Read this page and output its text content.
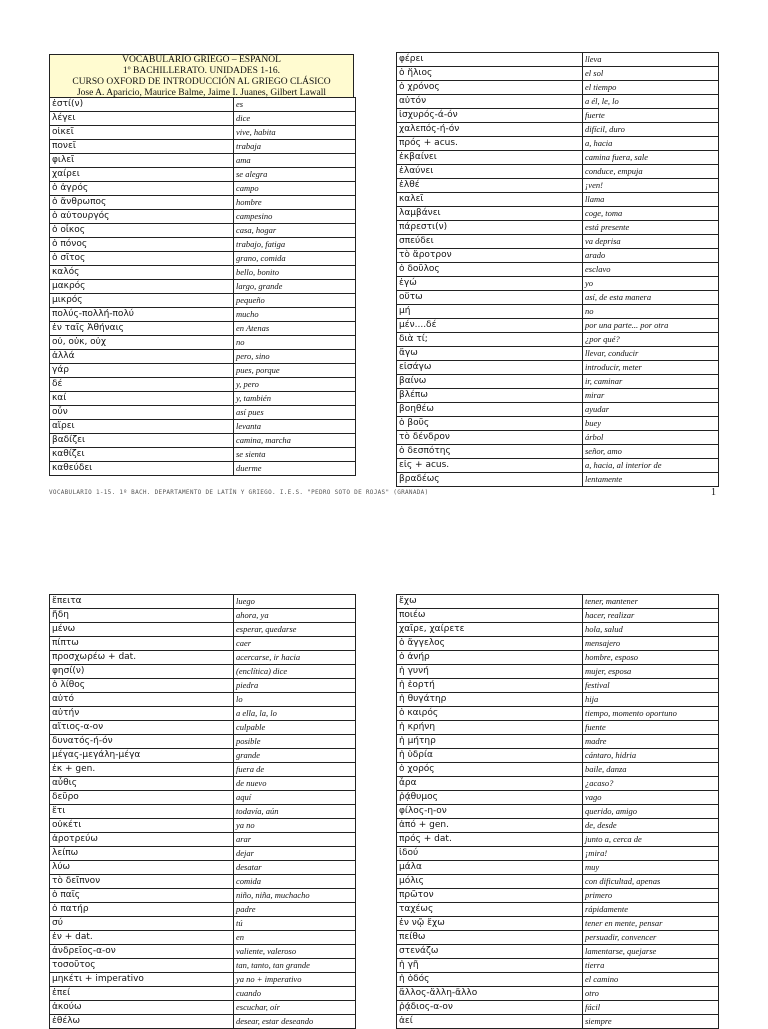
VOCABULARIO GRIEGO – ESPAÑOL
1º BACHILLERATO. UNIDADES 1-16.
CURSO OXFORD DE INTRODUCCIÓN AL GRIEGO CLÁSICO
Jose A. Aparicio, Maurice Balme, Jaime I. Juanes, Gilbert Lawall
ἐστί(ν)	es
λέγει	dice
οἰκεῖ	vive, habita
πονεῖ	trabaja
φιλεῖ	ama
χαίρει	se alegra
ὁ ἀγρός	campo
ὁ ἄνθρωπος	hombre
ὁ αὐτουργός	campesino
ὁ οἶκος	casa, hogar
ὁ πόνος	trabajo, fatiga
ὁ σῖτος	grano, comida
καλός	bello, bonito
μακρός	largo, grande
μικρός	pequeño
πολύς-πολλή-πολύ	mucho
ἐν ταῖς Ἀθήναις	en Atenas
οὐ, οὐκ, οὐχ	no
ἀλλά	pero, sino
γάρ	pues, porque
δέ	y, pero
καί	y, también
οὖν	así pues
αἴρει	levanta
βαδίζει	camina, marcha
καθίζει	se sienta
καθεύδει	duerme
φέρει	lleva
ὁ ἥλιος	el sol
ὁ χρόνος	el tiempo
αὐτόν	a él, le, lo
ἰσχυρός-ά-όν	fuerte
χαλεπός-ή-όν	difícil, duro
πρός + acus.	a, hacia
ἐκβαίνει	camina fuera, sale
ἐλαύνει	conduce, empuja
ἐλθέ	¡ven!
καλεῖ	llama
λαμβάνει	coge, toma
πάρεστι(ν)	está presente
σπεύδει	va deprisa
τὸ ἄροτρον	arado
ὁ δοῦλος	esclavo
ἐγώ	yo
οὕτω	así, de esta manera
μή	no
μέν....δέ	por una parte... por otra
διὰ τί;	¿por qué?
ἄγω	llevar, conducir
εἰσάγω	introducir, meter
βαίνω	ir, caminar
βλέπω	mirar
βοηθέω	ayudar
ὁ βοῦς	buey
τὸ δένδρον	árbol
ὁ δεσπότης	señor, amo
εἰς + acus.	a, hacia, al interior de
βραδέως	lentamente
VOCABULARIO 1-15. 1º BACH. DEPARTAMENTO DE LATÍN Y GRIEGO. I.E.S. "PEDRO SOTO DE ROJAS" (GRANADA)	1
ἔπειτα	luego
ἤδη	ahora, ya
μένω	esperar, quedarse
πίπτω	caer
προσχωρέω + dat.	acercarse, ir hacia
φησί(ν)	(enclítica) dice
ὁ λίθος	piedra
αὐτό	lo
αὐτήν	a ella, la, lo
αἴτιος-α-ον	culpable
δυνατός-ή-όν	posible
μέγας-μεγάλη-μέγα	grande
ἐκ + gen.	fuera de
αὖθις	de nuevo
δεῦρο	aquí
ἔτι	todavía, aún
οὐκέτι	ya no
ἀροτρεύω	arar
λείπω	dejar
λύω	desatar
τὸ δεῖπνον	comida
ὁ παῖς	niño, niña, muchacho
ὁ πατήρ	padre
σύ	tú
ἐν + dat.	en
ἀνδρεῖος-α-ον	valiente, valeroso
τοσοῦτος	tan, tanto, tan grande
μηκέτι + imperativo	ya no + imperativo
ἐπεί	cuando
ἀκούω	escuchar, oír
ἐθέλω	desear, estar deseando
ἔχω	tener, mantener
ποιέω	hacer, realizar
χαῖρε, χαίρετε	hola, salud
ὁ ἄγγελος	mensajero
ὁ ἀνήρ	hombre, esposo
ἡ γυνή	mujer, esposa
ἡ ἑορτή	festival
ἡ θυγάτηρ	hija
ὁ καιρός	tiempo, momento oportuno
ἡ κρήνη	fuente
ἡ μήτηρ	madre
ἡ ὑδρία	cántaro, hidria
ὁ χορός	baile, danza
ἆρα	¿acaso?
ῥᾴθυμος	vago
φίλος-η-ον	querido, amigo
ἀπό + gen.	de, desde
πρός + dat.	junto a, cerca de
ἰδού	¡mira!
μάλα	muy
μόλις	con dificultad, apenas
πρῶτον	primero
ταχέως	rápidamente
ἐν νῷ ἔχω	tener en mente, pensar
πείθω	persuadir, convencer
στενάζω	lamentarse, quejarse
ἡ γῆ	tierra
ἡ ὁδός	el camino
ἄλλος-ἄλλη-ἄλλο	otro
ῥᾴδιος-α-ον	fácil
ἀεί	siempre
